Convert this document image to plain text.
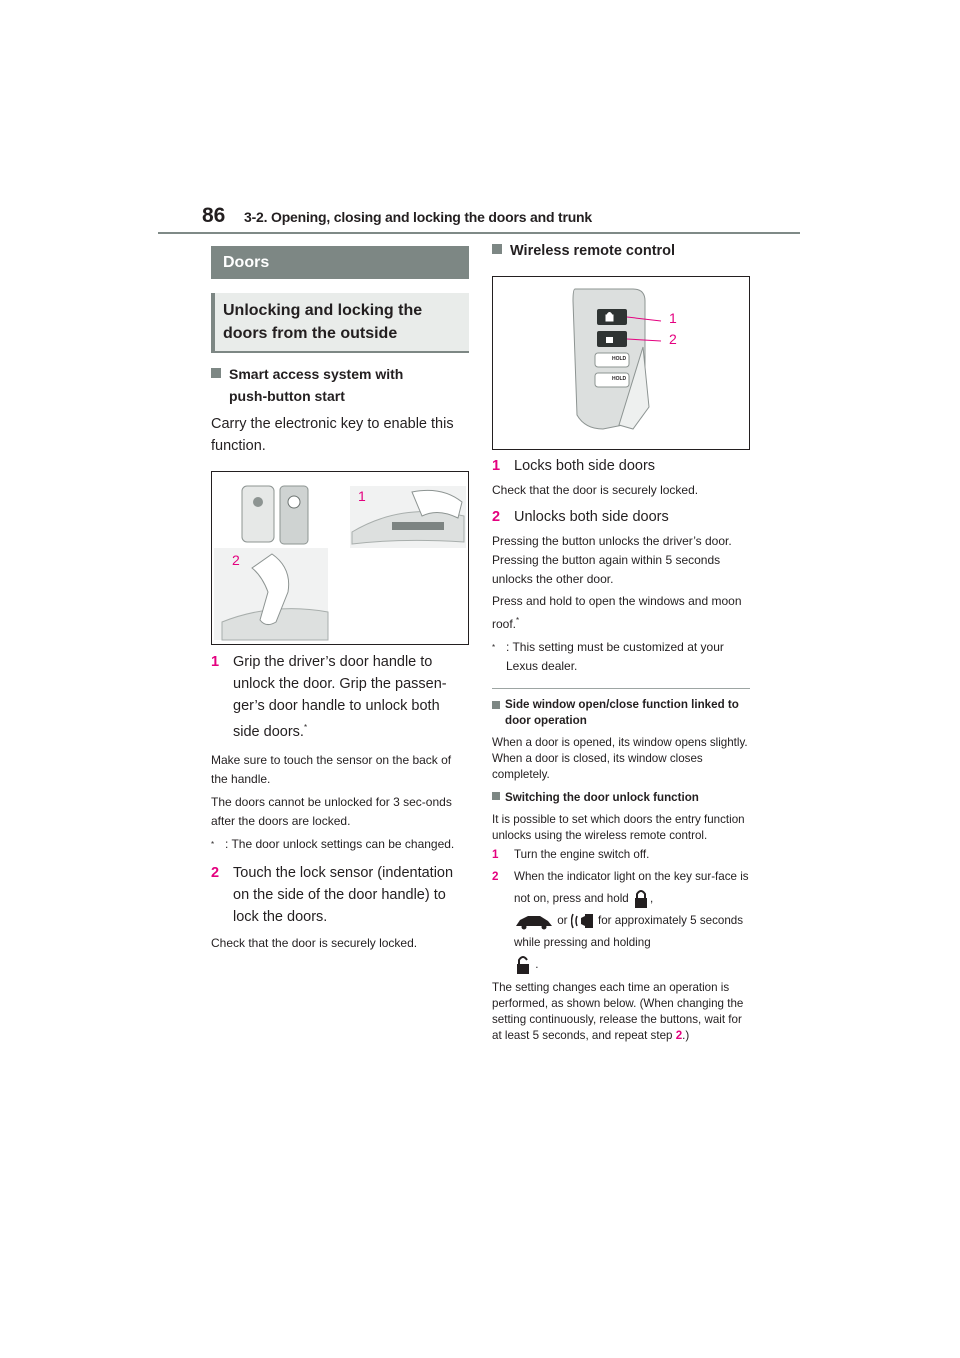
86 3-2. Opening, closing and locking the doors and trunk
Doors
Unlocking and locking the doors from the outside
Smart access system with
push-button start
Carry the electronic key to enable this function.
1
2
1 Grip the driver’s door handle to unlock the door. Grip the passen-ger’s door handle to unlock both side doors.*
Make sure to touch the sensor on the back of the handle.
The doors cannot be unlocked for 3 sec-onds after the doors are locked.
* : The door unlock settings can be changed.
2 Touch the lock sensor (indentation on the side of the door handle) to lock the doors.
Check that the door is securely locked.
Wireless remote control
HOLD
HOLD
1
2
1 Locks both side doors
Check that the door is securely locked.
2 Unlocks both side doors
Pressing the button unlocks the driver’s door. Pressing the button again within 5 seconds unlocks the other door.
Press and hold to open the windows and moon roof.*
* : This setting must be customized at your Lexus dealer.
Side window open/close function linked to door operation
When a door is opened, its window opens slightly. When a door is closed, its window closes completely.
Switching the door unlock function
It is possible to set which doors the entry function unlocks using the wireless remote control.
1 Turn the engine switch off.
2 When the indicator light on the key sur-face is not on, press and hold ,
or	for approximately 5 seconds while pressing and holding
.
The setting changes each time an operation is performed, as shown below. (When changing the setting continuously, release the buttons, wait for at least 5 seconds, and repeat step 2.)
